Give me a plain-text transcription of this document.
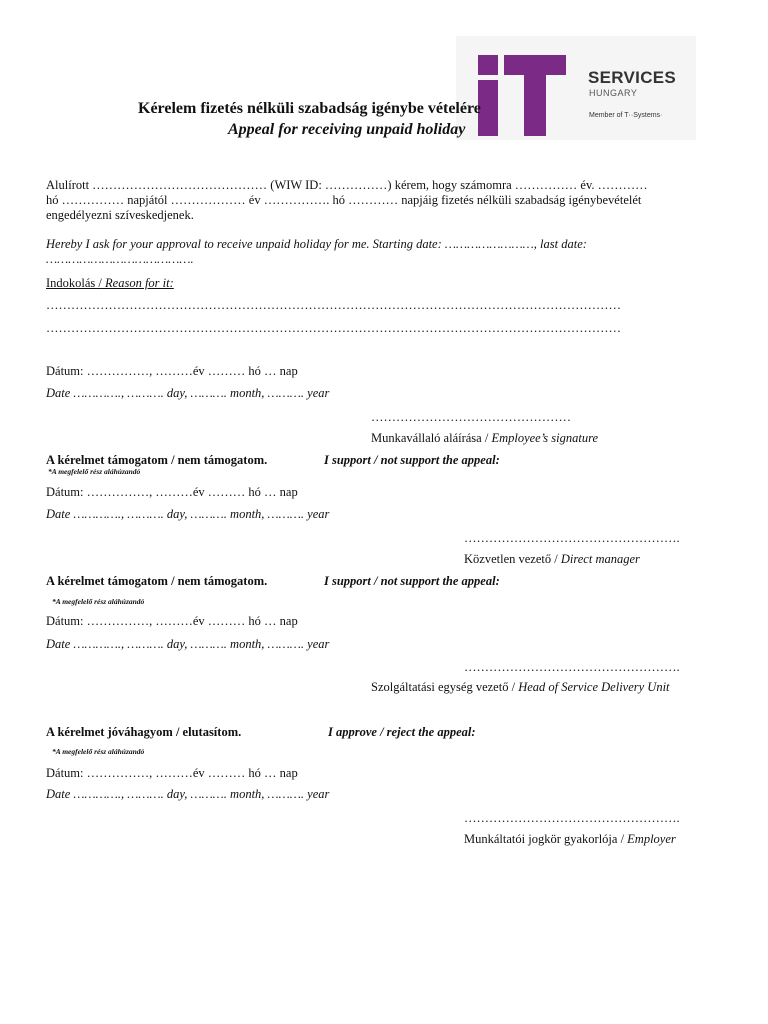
SERVICES
HUNGARY
Member of T··Systems·
Kérelem fizetés nélküli szabadság igénybe vételére
Appeal for receiving unpaid holiday
Alulírott …………………………………… (WIW ID: ……………) kérem, hogy számomra …………… év. …………
hó …………… napjától ……………… év ……………. hó ………… napjáig fizetés nélküli szabadság igénybevételét
engedélyezni szíveskedjenek.
Hereby I ask for your approval to receive unpaid holiday for me. Starting date: ……………………, last date:
………………………………….
Indokolás / Reason for it:
…………………………………………………………………………………………………………………………
…………………………………………………………………………………………………………………………
Dátum: ……………, ………év ……… hó … nap
Date …………., ………. day, ………. month, ………. year
…………………………………………
Munkavállaló aláírása / Employee’s signature
A kérelmet támogatom / nem támogatom.	I support / not support the appeal:
*A megfelelő rész aláhúzandó
Dátum: ……………, ………év ……… hó … nap
Date …………., ………. day, ………. month, ………. year
…………………………………………….
Közvetlen vezető / Direct manager
A kérelmet támogatom / nem támogatom.	I support / not support the appeal:
*A megfelelő rész aláhúzandó
Dátum: ……………, ………év ……… hó … nap
Date …………., ………. day, ………. month, ………. year
…………………………………………….
Szolgáltatási egység vezető / Head of Service Delivery Unit
A kérelmet jóváhagyom / elutasítom.	I approve / reject the appeal:
*A megfelelő rész aláhúzandó
Dátum: ……………, ………év ……… hó … nap
Date …………., ………. day, ………. month, ………. year
…………………………………………….
Munkáltatói jogkör gyakorlója / Employer
